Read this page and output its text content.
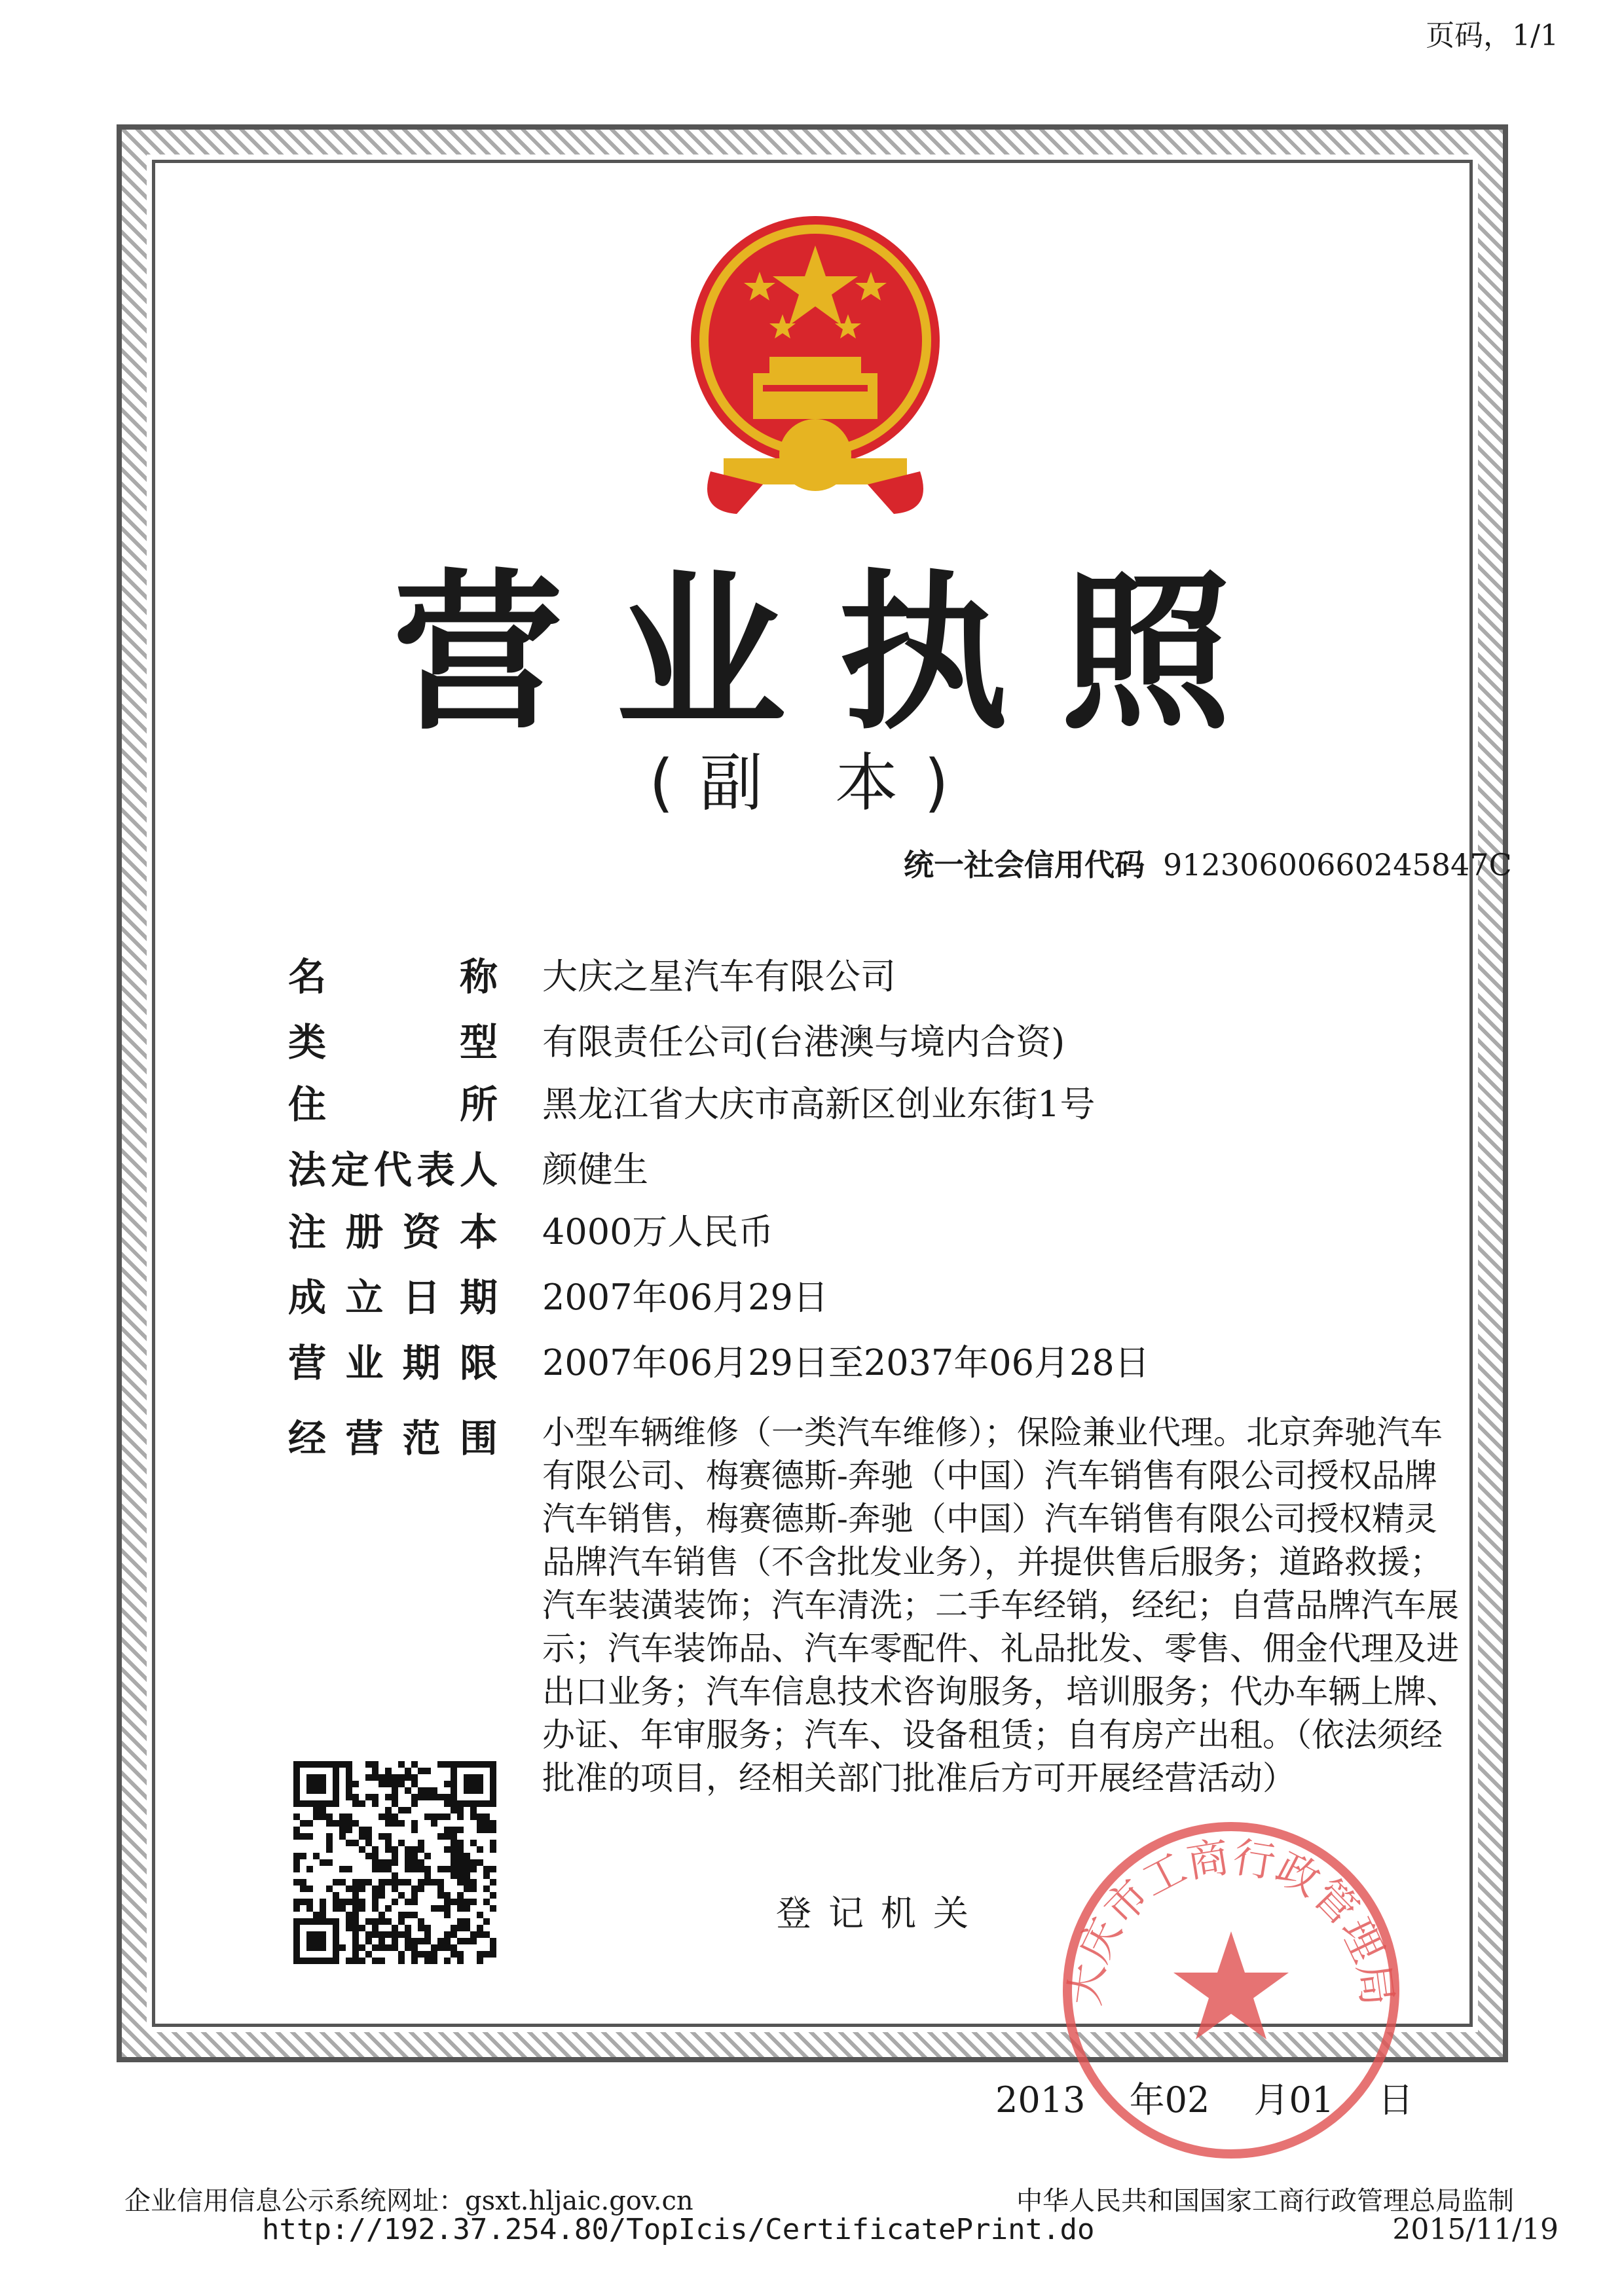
页码，1/1
营业执照
(副 本)
统一社会信用代码 91230600660245847C
名	称 大庆之星汽车有限公司
类	型 有限责任公司(台港澳与境内合资)
住	所 黑龙江省大庆市高新区创业东街1号
法 定 代 表 人 颜健生
注 册 资 本 4000万人民币
成 立 日 期 2007年06月29日
营 业 期 限 2007年06月29日至2037年06月28日
经 营 范 围 小型车辆维修（一类汽车维修）；保险兼业代理。北京奔驰汽车
有限公司、梅赛德斯-奔驰（中国）汽车销售有限公司授权品牌
汽车销售，梅赛德斯-奔驰（中国）汽车销售有限公司授权精灵
品牌汽车销售（不含批发业务），并提供售后服务；道路救援；
汽车装潢装饰；汽车清洗；二手车经销，经纪；自营品牌汽车展
示；汽车装饰品、汽车零配件、礼品批发、零售、佣金代理及进
出口业务；汽车信息技术咨询服务，培训服务；代办车辆上牌、
办证、年审服务；汽车、设备租赁；自有房产出租。（依法须经
批准的项目，经相关部门批准后方可开展经营活动）
登记机关
大庆市工商行政管理局
2013 年02 月01 日
企业信用信息公示系统网址：gsxt.hljaic.gov.cn	中华人民共和国国家工商行政管理总局监制
http://192.37.254.80/TopIcis/CertificatePrint.do	2015/11/19
